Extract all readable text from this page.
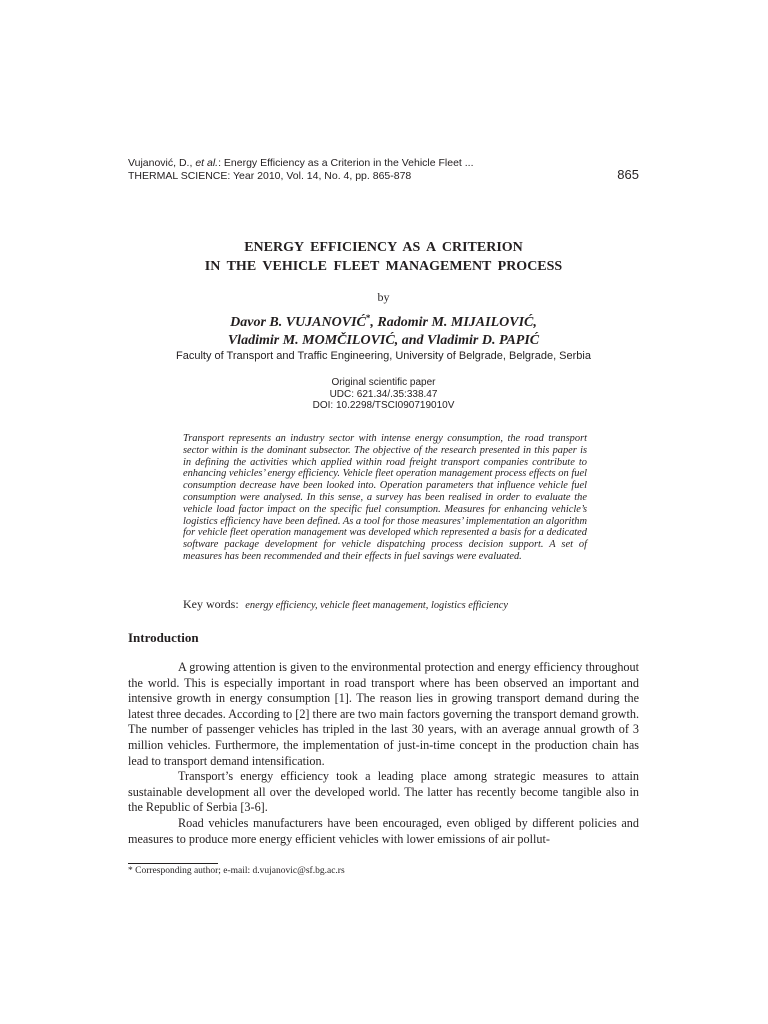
Vujanović, D., et al.: Energy Efficiency as a Criterion in the Vehicle Fleet ...
THERMAL SCIENCE: Year 2010, Vol. 14, No. 4, pp. 865-878	865
ENERGY EFFICIENCY AS A CRITERION
IN THE VEHICLE FLEET MANAGEMENT PROCESS
by
Davor B. VUJANOVIĆ*, Radomir M. MIJAILOVIĆ,
Vladimir M. MOMČILOVIĆ, and Vladimir D. PAPIĆ
Faculty of Transport and Traffic Engineering, University of Belgrade, Belgrade, Serbia
Original scientific paper
UDC: 621.34/.35:338.47
DOI: 10.2298/TSCI090719010V
Transport represents an industry sector with intense energy consumption, the road transport sector within is the dominant subsector. The objective of the research presented in this paper is in defining the activities which applied within road freight transport companies contribute to enhancing vehicles’ energy efficiency. Vehicle fleet operation management process effects on fuel consumption decrease have been looked into. Operation parameters that influence vehicle fuel consumption were analysed. In this sense, a survey has been realised in order to evaluate the vehicle load factor impact on the specific fuel consumption. Measures for enhancing vehicle’s logistics efficiency have been defined. As a tool for those measures’ implementation an algorithm for vehicle fleet operation management was developed which represented a basis for a dedicated software package development for vehicle dispatching process decision support. A set of measures has been recommended and their effects in fuel savings were evaluated.
Key words: energy efficiency, vehicle fleet management, logistics efficiency
Introduction

A growing attention is given to the environmental protection and energy efficiency throughout the world. This is especially important in road transport where has been observed an important and intensive growth in energy consumption [1]. The reason lies in growing transport demand during the latest three decades. According to [2] there are two main factors governing the transport demand growth. The number of passenger vehicles has tripled in the last 30 years, with an average annual growth of 3 million vehicles. Furthermore, the implementation of just-in-time concept in the production chain has lead to transport demand intensification.

Transport’s energy efficiency took a leading place among strategic measures to attain sustainable development all over the developed world. The latter has recently become tangible also in the Republic of Serbia [3-6].

Road vehicles manufacturers have been encouraged, even obliged by different policies and measures to produce more energy efficient vehicles with lower emissions of air pollut-

* Corresponding author; e-mail: d.vujanovic@sf.bg.ac.rs
